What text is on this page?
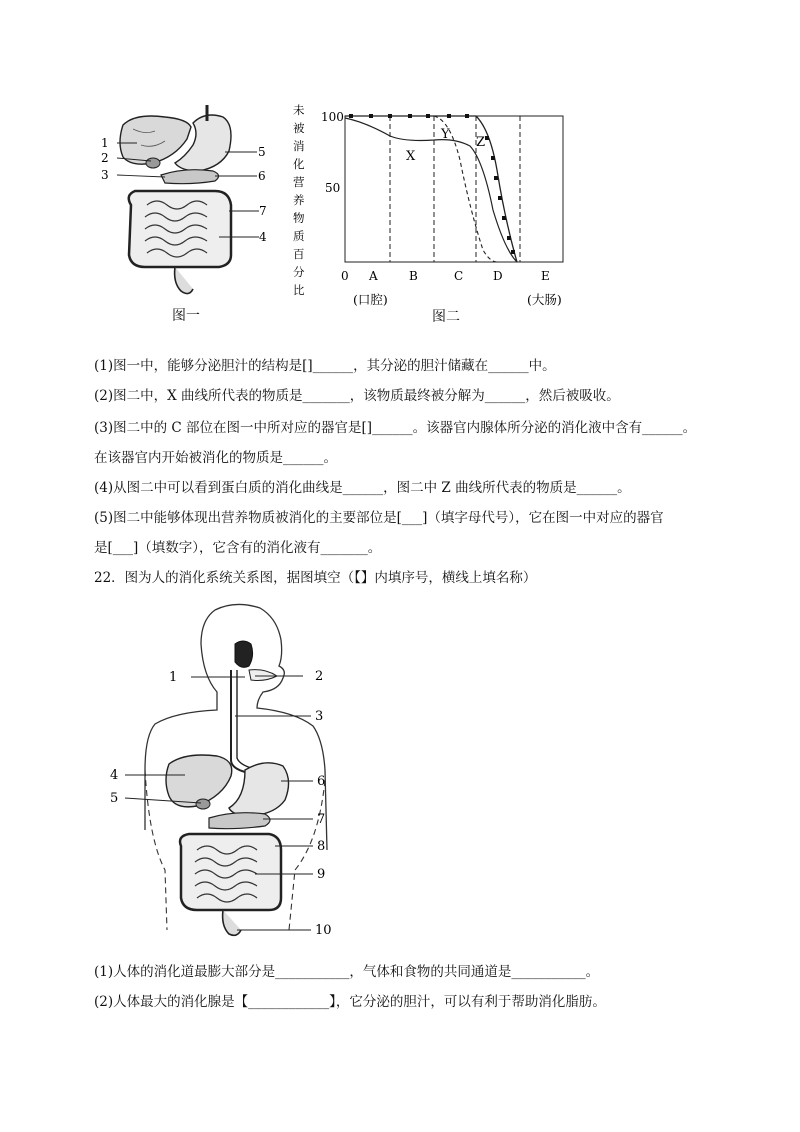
1
2
3
5
6
7
4
图一
未
被
消
化
营
养
物
质
百
分
比
100
50
X
Y
Z
0 A	B	C D	E
(口腔)	(大肠)
图二
(1)图一中，能够分泌胆汁的结构是[]______，其分泌的胆汁储藏在______中。
(2)图二中，X 曲线所代表的物质是_______，该物质最终被分解为______，然后被吸收。
(3)图二中的 C 部位在图一中所对应的器官是[]______。该器官内腺体所分泌的消化液中含有______。
在该器官内开始被消化的物质是______。
(4)从图二中可以看到蛋白质的消化曲线是______，图二中 Z 曲线所代表的物质是______。
(5)图二中能够体现出营养物质被消化的主要部位是[___]（填字母代号），它在图一中对应的器官
是[___]（填数字），它含有的消化液有_______。
22．图为人的消化系统关系图，据图填空（【】内填序号，横线上填名称）
1	2
3
4
5
6
7
8
9
10
(1)人体的消化道最膨大部分是___________，气体和食物的共同通道是___________。
(2)人体最大的消化腺是【____________】，它分泌的胆汁，可以有利于帮助消化脂肪。
